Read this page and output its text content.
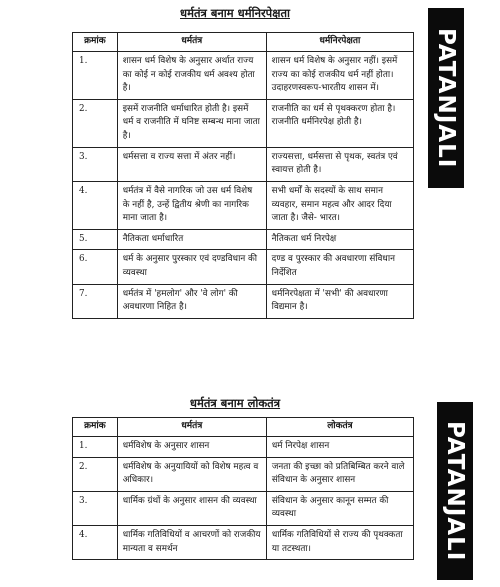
धर्मतंत्र बनाम धर्मनिरपेक्षता
क्रमांक	धर्मतंत्र	धर्मनिरपेक्षता
1.	शासन धर्म विशेष के अनुसार अर्थात राज्य का कोई न कोई राजकीय धर्म अवश्य होता है।	शासन धर्म विशेष के अनुसार नहीं। इसमें राज्य का कोई राजकीय धर्म नहीं होता। उदाहरणस्वरूप-भारतीय शासन में।
2.	इसमें राजनीति धर्माधारित होती है। इसमें धर्म व राजनीति में घनिष्ट सम्बन्ध माना जाता है।	राजनीति का धर्म से पृथक्करण होता है। राजनीति धर्मनिरपेक्ष होती है।
3.	धर्मसत्ता व राज्य सत्ता में अंतर नहीं।	राज्यसत्ता, धर्मसत्ता से पृथक, स्वतंत्र एवं स्वायत्त होती है।
4.	धर्मतंत्र में वैसे नागरिक जो उस धर्म विशेष के नहीं है, उन्हें द्वितीय श्रेणी का नागरिक माना जाता है।	सभी धर्मों के सदस्यों के साथ समान व्यवहार, समान महत्व और आदर दिया जाता है। जैसे- भारत।
5.	नैतिकता धर्माधारित	नैतिकता धर्म निरपेक्ष
6.	धर्म के अनुसार पुरस्कार एवं दण्डविधान की व्यवस्था	दण्ड व पुरस्कार की अवधारणा संविधान निर्देशित
7.	धर्मतंत्र में 'हमलोग' और 'वे लोग' की अवधारणा निहित है।	धर्मनिरपेक्षता में 'सभी' की अवधारणा विद्यमान है।
PATANJALI
धर्मतंत्र बनाम लोकतंत्र
क्रमांक	धर्मतंत्र	लोकतंत्र
1.	धर्मविशेष के अनुसार शासन	धर्म निरपेक्ष शासन
2.	धर्मविशेष के अनुयायियों को विशेष महत्व व अधिकार।	जनता की इच्छा को प्रतिबिम्बित करने वाले संविधान के अनुसार शासन
3.	धार्मिक ग्रंथों के अनुसार शासन की व्यवस्था	संविधान के अनुसार कानून सम्मत की व्यवस्था
4.	धार्मिक गतिविधियों व आचरणों को राजकीय मान्यता व समर्थन	धार्मिक गतिविधियों से राज्य की पृथक्कता या तटस्थता।	PATANJALI
